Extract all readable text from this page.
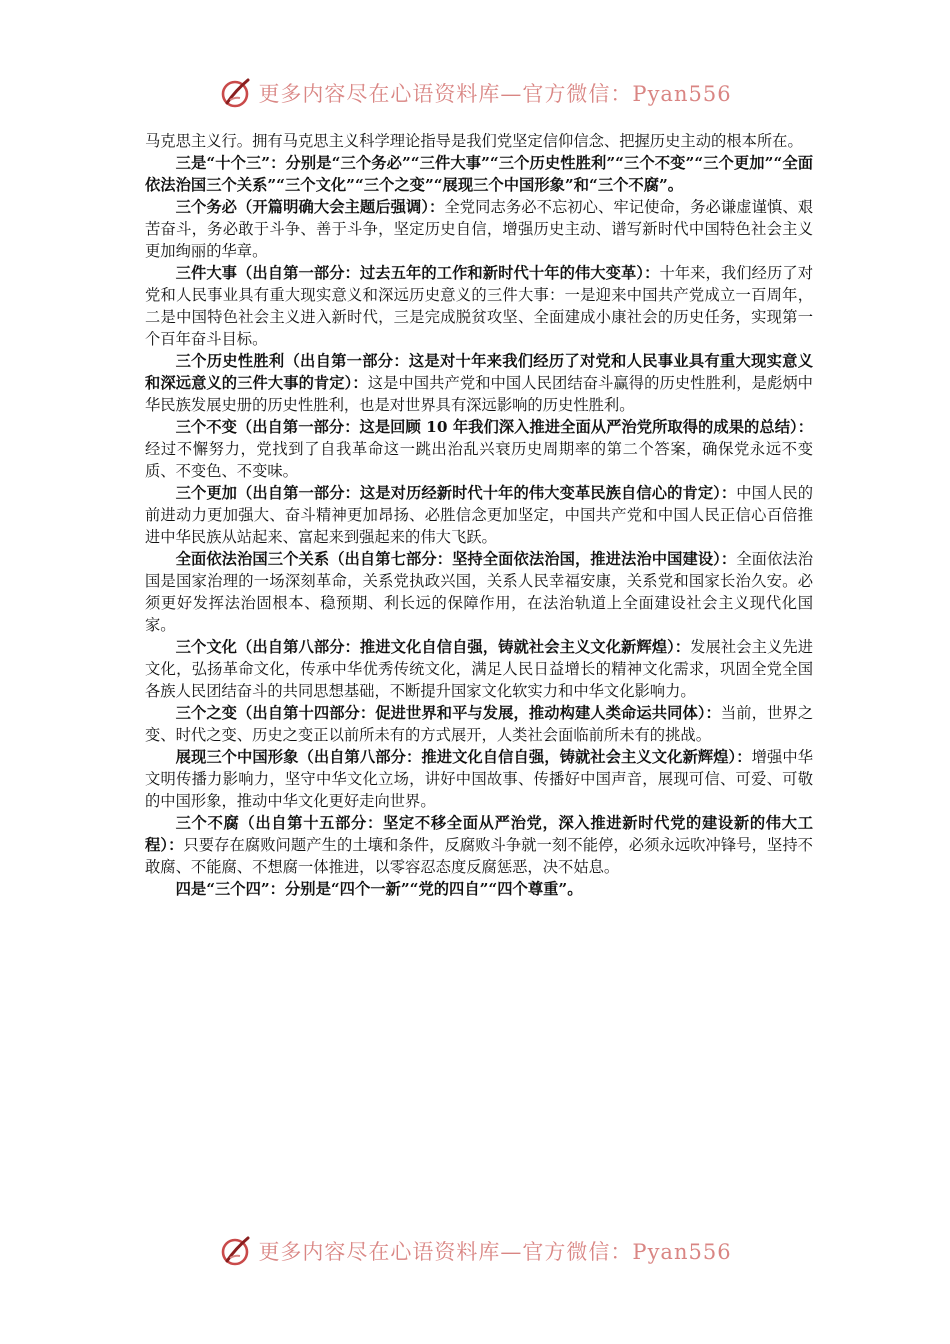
更多内容尽在心语资料库—官方微信：Pyan556

马克思主义行。拥有马克思主义科学理论指导是我们党坚定信仰信念、把握历史主动的根本所在。

三是“十个三”：分别是“三个务必”“三件大事”“三个历史性胜利”“三个不变”“三个更加”“全面依法治国三个关系”“三个文化”“三个之变”“展现三个中国形象”和“三个不腐”。

三个务必（开篇明确大会主题后强调）：全党同志务必不忘初心、牢记使命，务必谦虚谨慎、艰苦奋斗，务必敢于斗争、善于斗争，坚定历史自信，增强历史主动、谱写新时代中国特色社会主义更加绚丽的华章。

三件大事（出自第一部分：过去五年的工作和新时代十年的伟大变革）：十年来，我们经历了对党和人民事业具有重大现实意义和深远历史意义的三件大事：一是迎来中国共产党成立一百周年，二是中国特色社会主义进入新时代，三是完成脱贫攻坚、全面建成小康社会的历史任务，实现第一个百年奋斗目标。

三个历史性胜利（出自第一部分：这是对十年来我们经历了对党和人民事业具有重大现实意义和深远意义的三件大事的肯定）：这是中国共产党和中国人民团结奋斗赢得的历史性胜利，是彪炳中华民族发展史册的历史性胜利，也是对世界具有深远影响的历史性胜利。

三个不变（出自第一部分：这是回顾 10 年我们深入推进全面从严治党所取得的成果的总结）：经过不懈努力，党找到了自我革命这一跳出治乱兴衰历史周期率的第二个答案，确保党永远不变质、不变色、不变味。

三个更加（出自第一部分：这是对历经新时代十年的伟大变革民族自信心的肯定）：中国人民的前进动力更加强大、奋斗精神更加昂扬、必胜信念更加坚定，中国共产党和中国人民正信心百倍推进中华民族从站起来、富起来到强起来的伟大飞跃。

全面依法治国三个关系（出自第七部分：坚持全面依法治国，推进法治中国建设）：全面依法治国是国家治理的一场深刻革命，关系党执政兴国，关系人民幸福安康，关系党和国家长治久安。必须更好发挥法治固根本、稳预期、利长远的保障作用，在法治轨道上全面建设社会主义现代化国家。

三个文化（出自第八部分：推进文化自信自强，铸就社会主义文化新辉煌）：发展社会主义先进文化，弘扬革命文化，传承中华优秀传统文化，满足人民日益增长的精神文化需求，巩固全党全国各族人民团结奋斗的共同思想基础，不断提升国家文化软实力和中华文化影响力。

三个之变（出自第十四部分：促进世界和平与发展，推动构建人类命运共同体）：当前，世界之变、时代之变、历史之变正以前所未有的方式展开，人类社会面临前所未有的挑战。

展现三个中国形象（出自第八部分：推进文化自信自强，铸就社会主义文化新辉煌）：增强中华文明传播力影响力，坚守中华文化立场，讲好中国故事、传播好中国声音，展现可信、可爱、可敬的中国形象，推动中华文化更好走向世界。

三个不腐（出自第十五部分：坚定不移全面从严治党，深入推进新时代党的建设新的伟大工程）：只要存在腐败问题产生的土壤和条件，反腐败斗争就一刻不能停，必须永远吹冲锋号，坚持不敢腐、不能腐、不想腐一体推进，以零容忍态度反腐惩恶，决不姑息。

四是“三个四”：分别是“四个一新”“党的四自”“四个尊重”。

更多内容尽在心语资料库—官方微信：Pyan556
